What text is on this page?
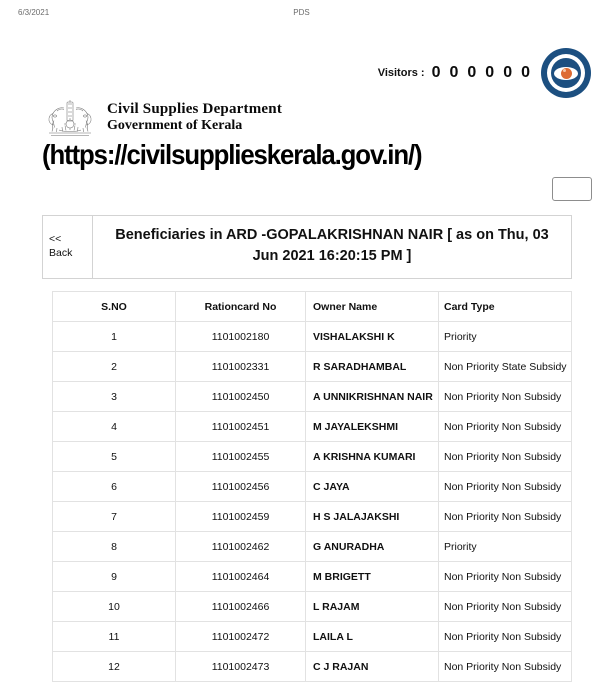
6/3/2021	PDS
Visitors : 0 0 0 0 0 0
Civil Supplies Department
Government of Kerala
(https://civilsupplieskerala.gov.in/)
<<
Back
	Beneficiaries in ARD -GOPALAKRISHNAN NAIR [ as on Thu, 03 Jun 2021 16:20:15 PM ]
S.NO	Rationcard No	Owner Name	Card Type
1	1101002180	VISHALAKSHI K	Priority
2	1101002331	R SARADHAMBAL	Non Priority State Subsidy
3	1101002450	A UNNIKRISHNAN NAIR	Non Priority Non Subsidy
4	1101002451	M JAYALEKSHMI	Non Priority Non Subsidy
5	1101002455	A KRISHNA KUMARI	Non Priority Non Subsidy
6	1101002456	C JAYA	Non Priority Non Subsidy
7	1101002459	H S JALAJAKSHI	Non Priority Non Subsidy
8	1101002462	G ANURADHA	Priority
9	1101002464	M BRIGETT	Non Priority Non Subsidy
10	1101002466	L RAJAM	Non Priority Non Subsidy
11	1101002472	LAILA L	Non Priority Non Subsidy
12	1101002473	C J RAJAN	Non Priority Non Subsidy
